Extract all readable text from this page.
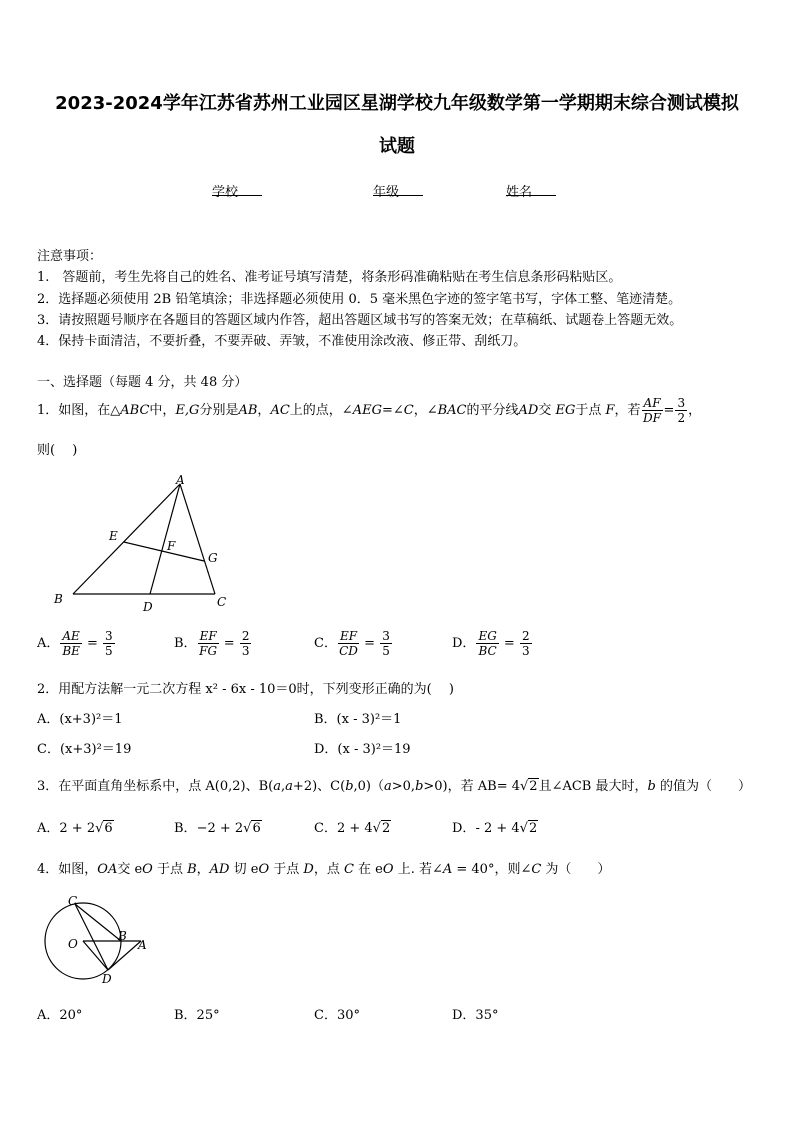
2023-2024学年江苏省苏州工业园区星湖学校九年级数学第一学期期末综合测试模拟
试题
学校	年级	姓名
注意事项：
1.　答题前，考生先将自己的姓名、准考证号填写清楚，将条形码准确粘贴在考生信息条形码粘贴区。
2．选择题必须使用 2B 铅笔填涂；非选择题必须使用 0．5 毫米黑色字迹的签字笔书写，字体工整、笔迹清楚。
3．请按照题号顺序在各题目的答题区域内作答，超出答题区域书写的答案无效；在草稿纸、试题卷上答题无效。
4．保持卡面清洁，不要折叠，不要弄破、弄皱，不准使用涂改液、修正带、刮纸刀。
一、选择题（每题 4 分，共 48 分）
1．如图，在△ABC中，E,G分别是AB，AC上的点，∠AEG=∠C，∠BAC的平分线AD交 EG于点 F，若 $\frac{AF}{DF} = \frac{3}{2}$ ，
则(　 )
A
B	C
D
E
F
G
A． $\frac{AE}{BE} = \frac{3}{5}$	B． $\frac{EF}{FG} = \frac{2}{3}$	C． $\frac{EF}{CD} = \frac{3}{5}$	D． $\frac{EG}{BC} = \frac{2}{3}$
2．用配方法解一元二次方程 x² - 6x - 10＝0时，下列变形正确的为(　 )
A．(x+3)²＝1	B．(x - 3)²＝1
C．(x+3)²＝19	D．(x - 3)²＝19
3．在平面直角坐标系中，点 A(0,2)、B(a,a+2)、C(b,0)（a>0,b>0)，若 AB= 4√2且∠ACB 最大时，b 的值为（　　）
A．2 + 2√6	B．−2 + 2√6	C．2 + 4√2	D．- 2 + 4√2
4．如图，OA交 eO 于点 B，AD 切 eO 于点 D，点 C 在 eO 上. 若∠A = 40°，则∠C 为（　　）
C
O
B
A
D
A．20°	B．25°	C．30°	D．35°
